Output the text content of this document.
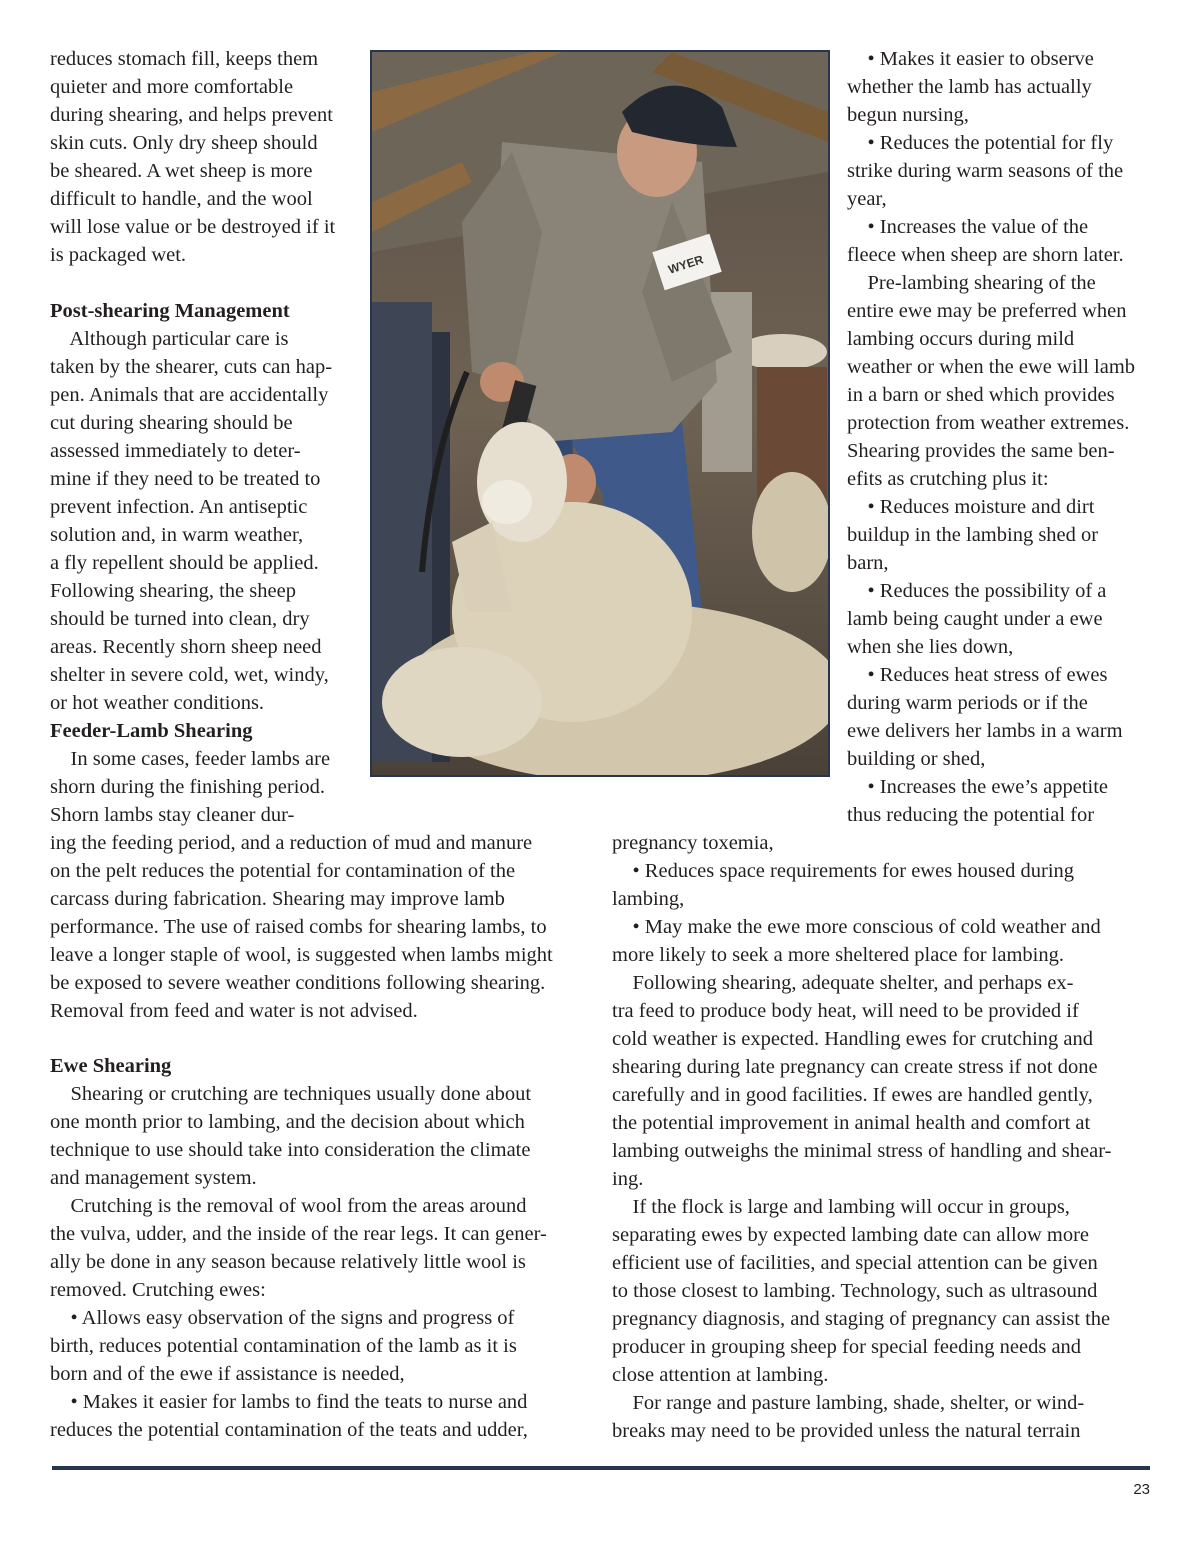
WYER
reduces stomach fill, keeps them
quieter and more comfortable
during shearing, and helps prevent
skin cuts. Only dry sheep should
be sheared. A wet sheep is more
difficult to handle, and the wool
will lose value or be destroyed if it
is packaged wet.
Post-shearing Management
Although particular care is
taken by the shearer, cuts can hap-
pen. Animals that are accidentally
cut during shearing should be
assessed immediately to deter-
mine if they need to be treated to
prevent infection. An antiseptic
solution and, in warm weather,
a fly repellent should be applied.
Following shearing, the sheep
should be turned into clean, dry
areas. Recently shorn sheep need
shelter in severe cold, wet, windy,
or hot weather conditions.
Feeder-Lamb Shearing
In some cases, feeder lambs are
shorn during the finishing period.
Shorn lambs stay cleaner dur-
ing the feeding period, and a reduction of mud and manure
on the pelt reduces the potential for contamination of the
carcass during fabrication. Shearing may improve lamb
performance. The use of raised combs for shearing lambs, to
leave a longer staple of wool, is suggested when lambs might
be exposed to severe weather conditions following shearing.
Removal from feed and water is not advised.
Ewe Shearing
Shearing or crutching are techniques usually done about
one month prior to lambing, and the decision about which
technique to use should take into consideration the climate
and management system.
Crutching is the removal of wool from the areas around
the vulva, udder, and the inside of the rear legs. It can gener-
ally be done in any season because relatively little wool is
removed. Crutching ewes:
• Allows easy observation of the signs and progress of
birth, reduces potential contamination of the lamb as it is
born and of the ewe if assistance is needed,
• Makes it easier for lambs to find the teats to nurse and
reduces the potential contamination of the teats and udder,
• Makes it easier to observe
whether the lamb has actually
begun nursing,
• Reduces the potential for fly
strike during warm seasons of the
year,
• Increases the value of the
fleece when sheep are shorn later.
Pre-lambing shearing of the
entire ewe may be preferred when
lambing occurs during mild
weather or when the ewe will lamb
in a barn or shed which provides
protection from weather extremes.
Shearing provides the same ben-
efits as crutching plus it:
• Reduces moisture and dirt
buildup in the lambing shed or
barn,
• Reduces the possibility of a
lamb being caught under a ewe
when she lies down,
• Reduces heat stress of ewes
during warm periods or if the
ewe delivers her lambs in a warm
building or shed,
• Increases the ewe’s appetite
thus reducing the potential for
pregnancy toxemia,
• Reduces space requirements for ewes housed during
lambing,
• May make the ewe more conscious of cold weather and
more likely to seek a more sheltered place for lambing.
Following shearing, adequate shelter, and perhaps ex-
tra feed to produce body heat, will need to be provided if
cold weather is expected. Handling ewes for crutching and
shearing during late pregnancy can create stress if not done
carefully and in good facilities. If ewes are handled gently,
the potential improvement in animal health and comfort at
lambing outweighs the minimal stress of handling and shear-
ing.
If the flock is large and lambing will occur in groups,
separating ewes by expected lambing date can allow more
efficient use of facilities, and special attention can be given
to those closest to lambing. Technology, such as ultrasound
pregnancy diagnosis, and staging of pregnancy can assist the
producer in grouping sheep for special feeding needs and
close attention at lambing.
For range and pasture lambing, shade, shelter, or wind-
breaks may need to be provided unless the natural terrain
23
